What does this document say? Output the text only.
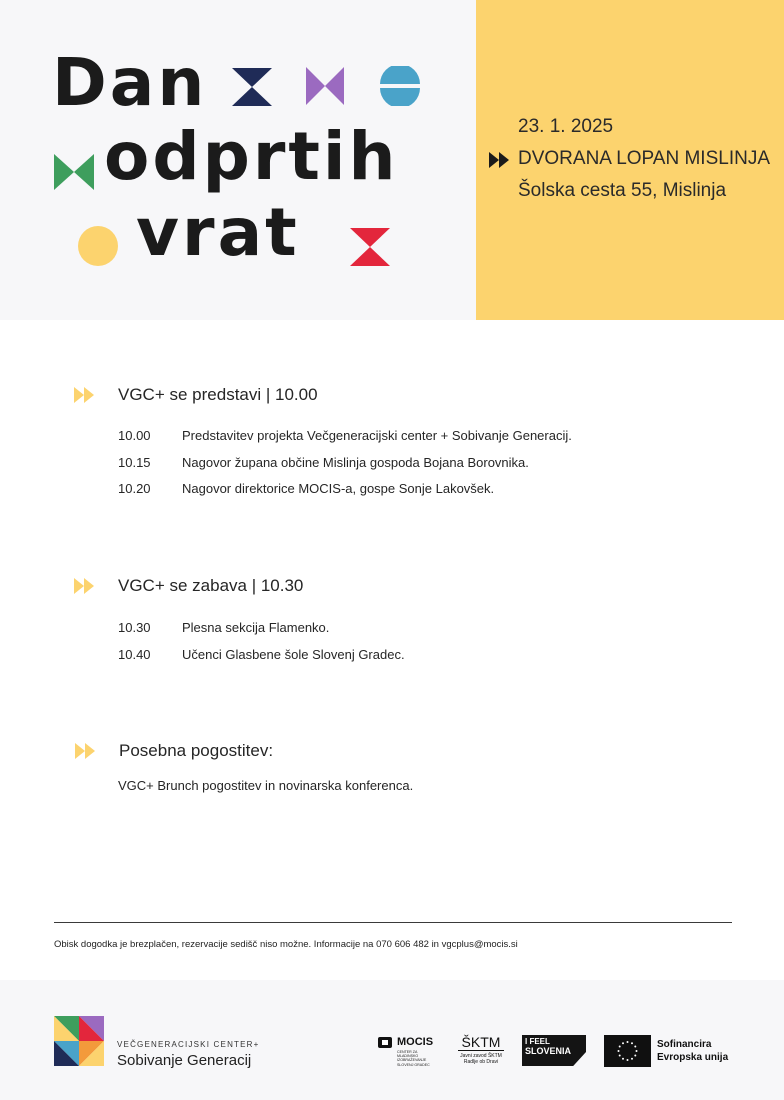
Dan
odprtih
vrat
23. 1. 2025
DVORANA LOPAN MISLINJA
Šolska cesta 55, Mislinja
VGC+ se predstavi | 10.00
10.00 Predstavitev projekta Večgeneracijski center + Sobivanje Generacij.
10.15 Nagovor župana občine Mislinja gospoda Bojana Borovnika.
10.20 Nagovor direktorice MOCIS-a, gospe Sonje Lakovšek.
VGC+ se zabava | 10.30
10.30 Plesna sekcija Flamenko.
10.40 Učenci Glasbene šole Slovenj Gradec.
Posebna pogostitev:
VGC+ Brunch pogostitev in novinarska konferenca.
Obisk dogodka je brezplačen, rezervacije sedišč niso možne. Informacije na 070 606 482 in vgcplus@mocis.si
VEČGENERACIJSKI CENTER+
Sobivanje Generacij
MOCIS
CENTER ZA MLADINSKO IZOBRAŽEVANJE SLOVENJ GRADEC
ŠKTM
Javni zavod ŠKTM Radlje ob Dravi
I FEEL
SLOVENIA
Sofinancira
Evropska unija
